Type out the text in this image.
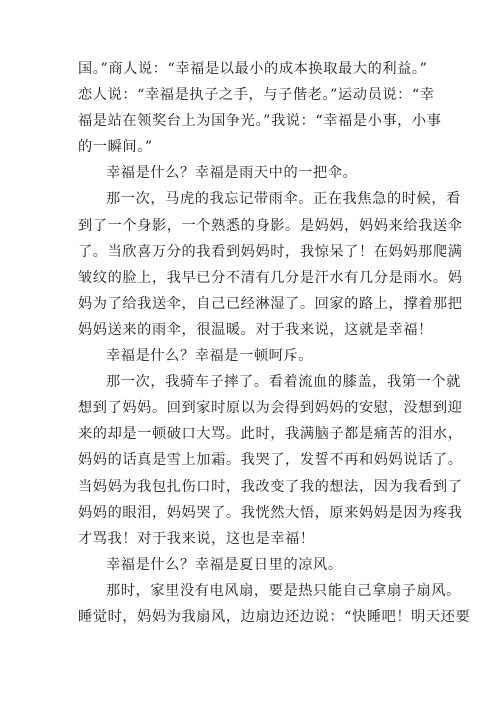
国。”商人说：“幸福是以最小的成本换取最大的利益。”
恋人说：“幸福是执子之手，与子偕老。”运动员说：“幸
福是站在领奖台上为国争光。”我说：“幸福是小事，小事
的一瞬间。”
幸福是什么？幸福是雨天中的一把伞。
那一次，马虎的我忘记带雨伞。正在我焦急的时候，看
到了一个身影，一个熟悉的身影。是妈妈，妈妈来给我送伞
了。当欣喜万分的我看到妈妈时，我惊呆了！在妈妈那爬满
皱纹的脸上，我早已分不清有几分是汗水有几分是雨水。妈
妈为了给我送伞，自己已经淋湿了。回家的路上，撑着那把
妈妈送来的雨伞，很温暖。对于我来说，这就是幸福！
幸福是什么？幸福是一顿呵斥。
那一次，我骑车子摔了。看着流血的膝盖，我第一个就
想到了妈妈。回到家时原以为会得到妈妈的安慰，没想到迎
来的却是一顿破口大骂。此时，我满脑子都是痛苦的泪水，
妈妈的话真是雪上加霜。我哭了，发誓不再和妈妈说话了。
当妈妈为我包扎伤口时，我改变了我的想法，因为我看到了
妈妈的眼泪，妈妈哭了。我恍然大悟，原来妈妈是因为疼我
才骂我！对于我来说，这也是幸福！
幸福是什么？幸福是夏日里的凉风。
那时，家里没有电风扇，要是热只能自己拿扇子扇风。
睡觉时，妈妈为我扇风，边扇边还边说：“快睡吧！明天还要
